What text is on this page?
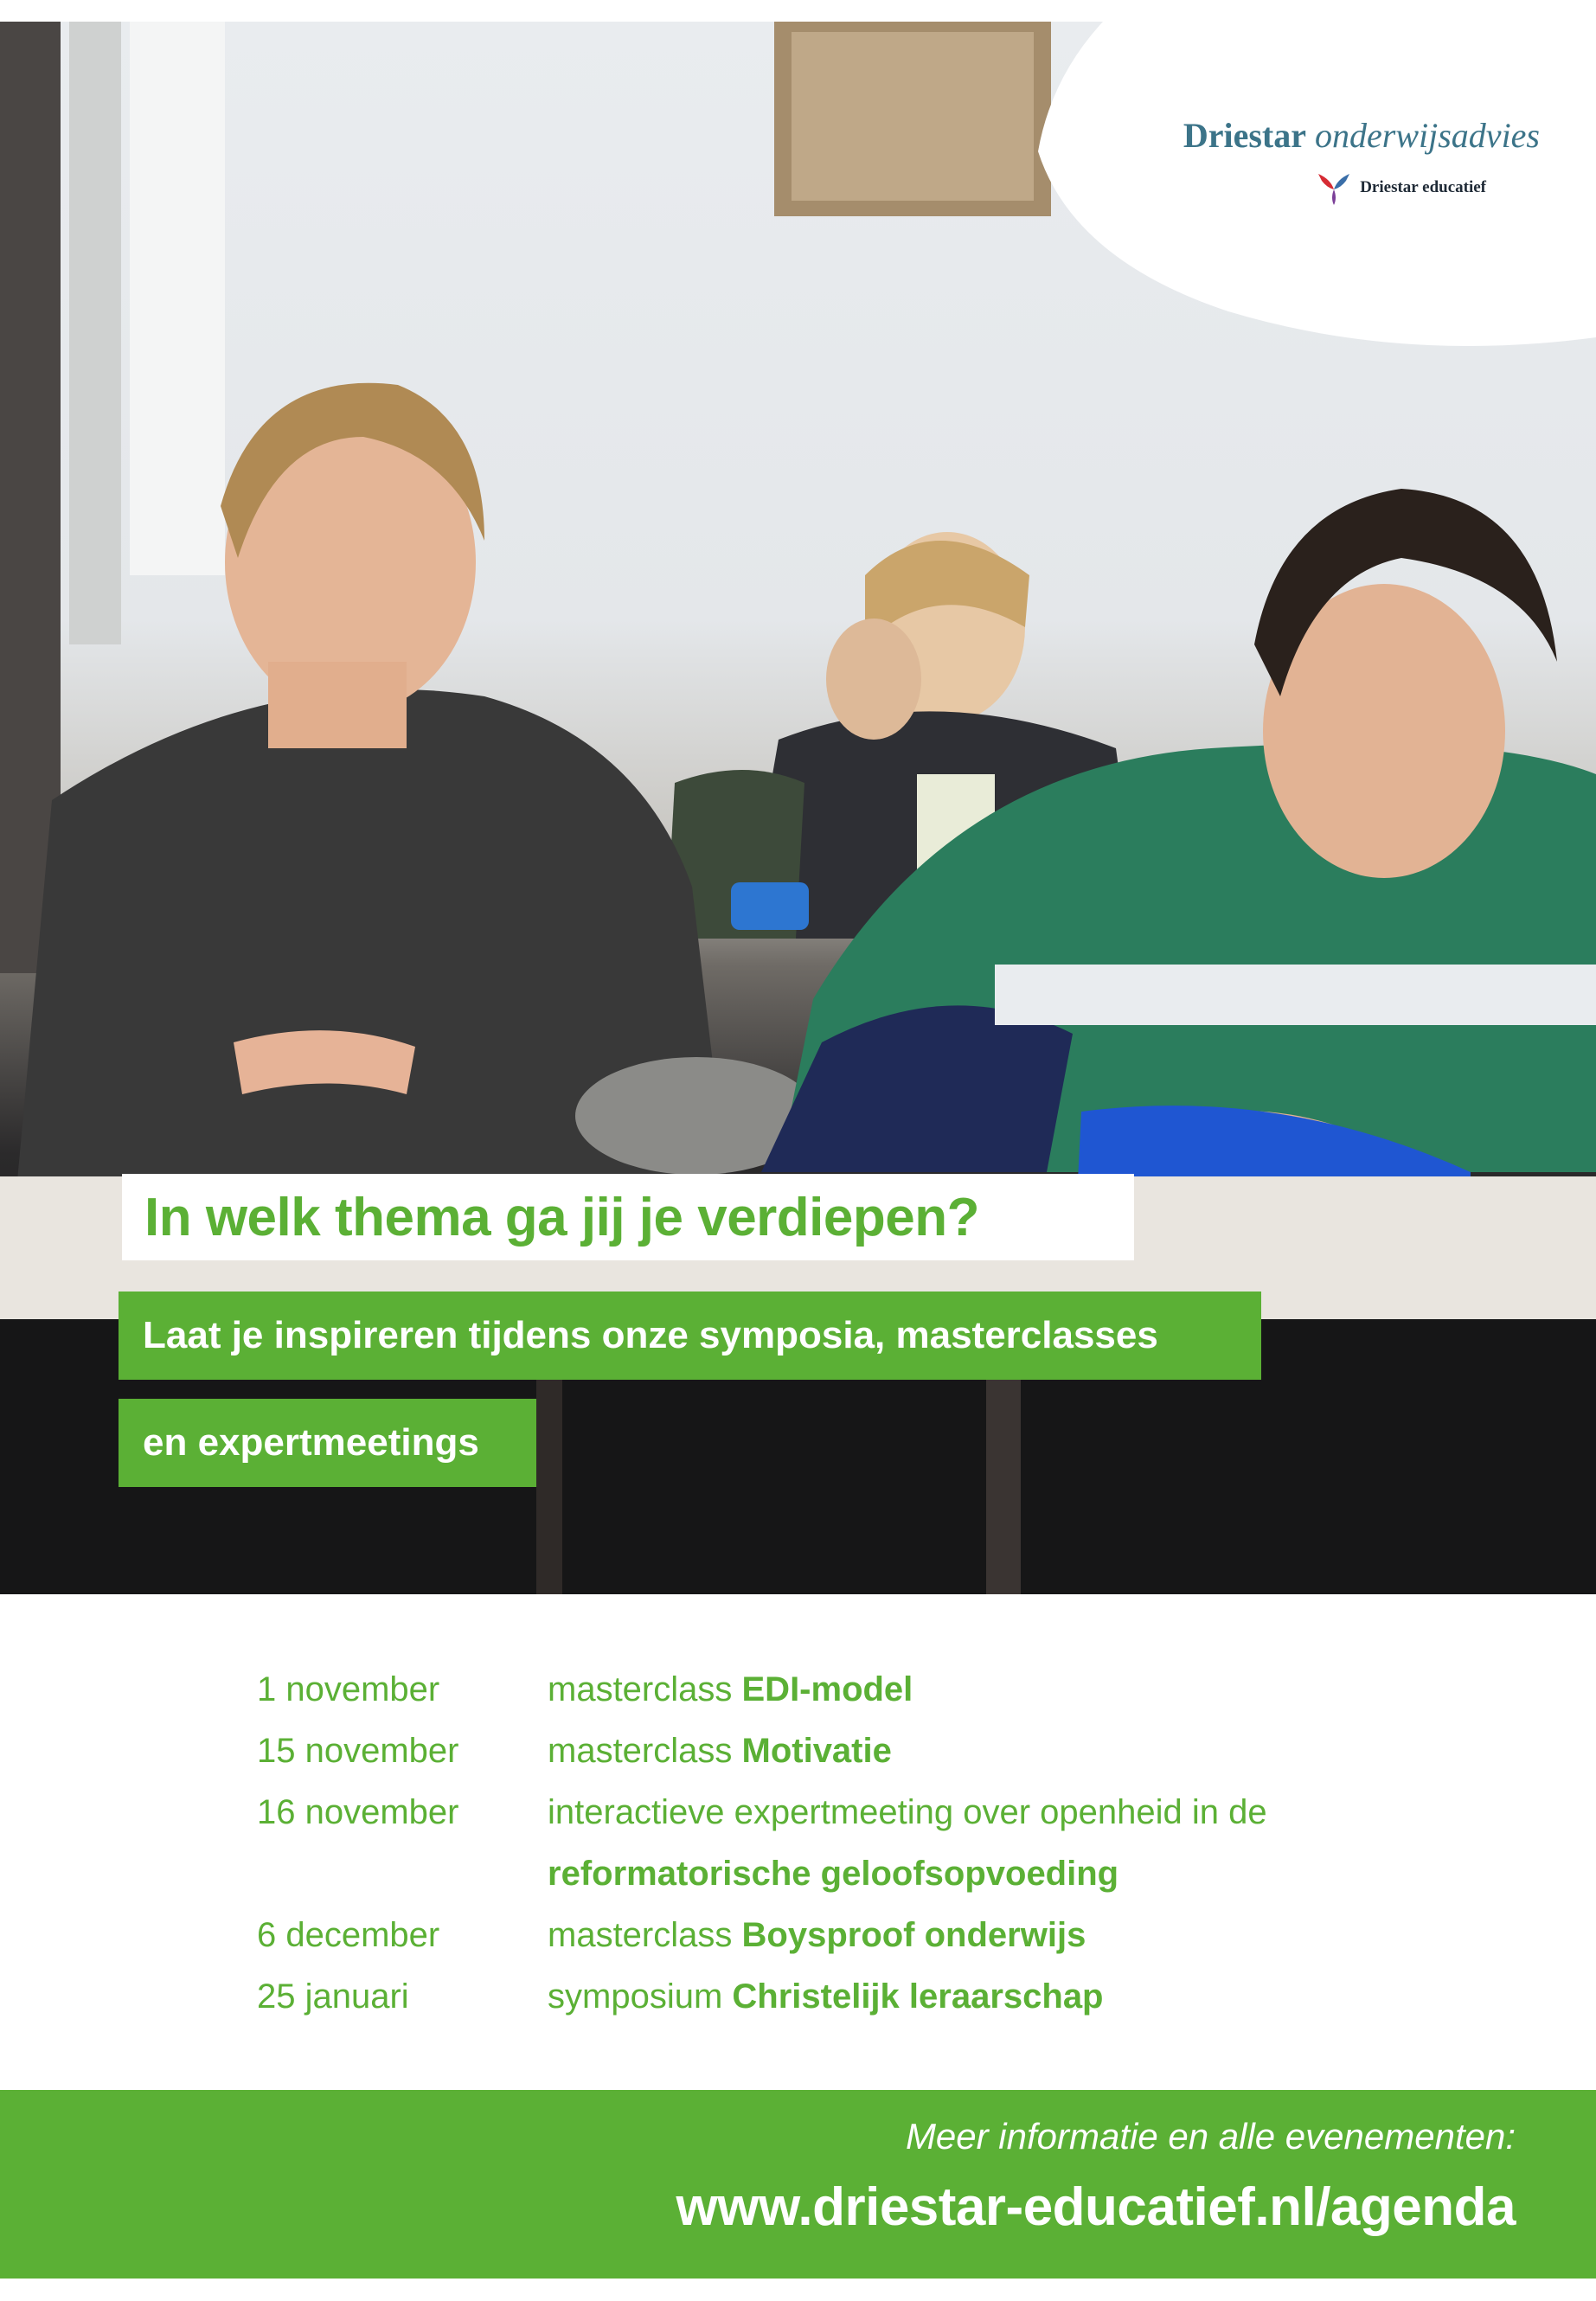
Driestar onderwijsadvies
Driestar educatief
In welk thema ga jij je verdiepen?
Laat je inspireren tijdens onze symposia, masterclasses
en expertmeetings
1 november	masterclass EDI-model
15 november	masterclass Motivatie
16 november	interactieve expertmeeting over openheid in de
reformatorische geloofsopvoeding
6 december	masterclass Boysproof onderwijs
25 januari	symposium Christelijk leraarschap
Meer informatie en alle evenementen:
www.driestar-educatief.nl/agenda
